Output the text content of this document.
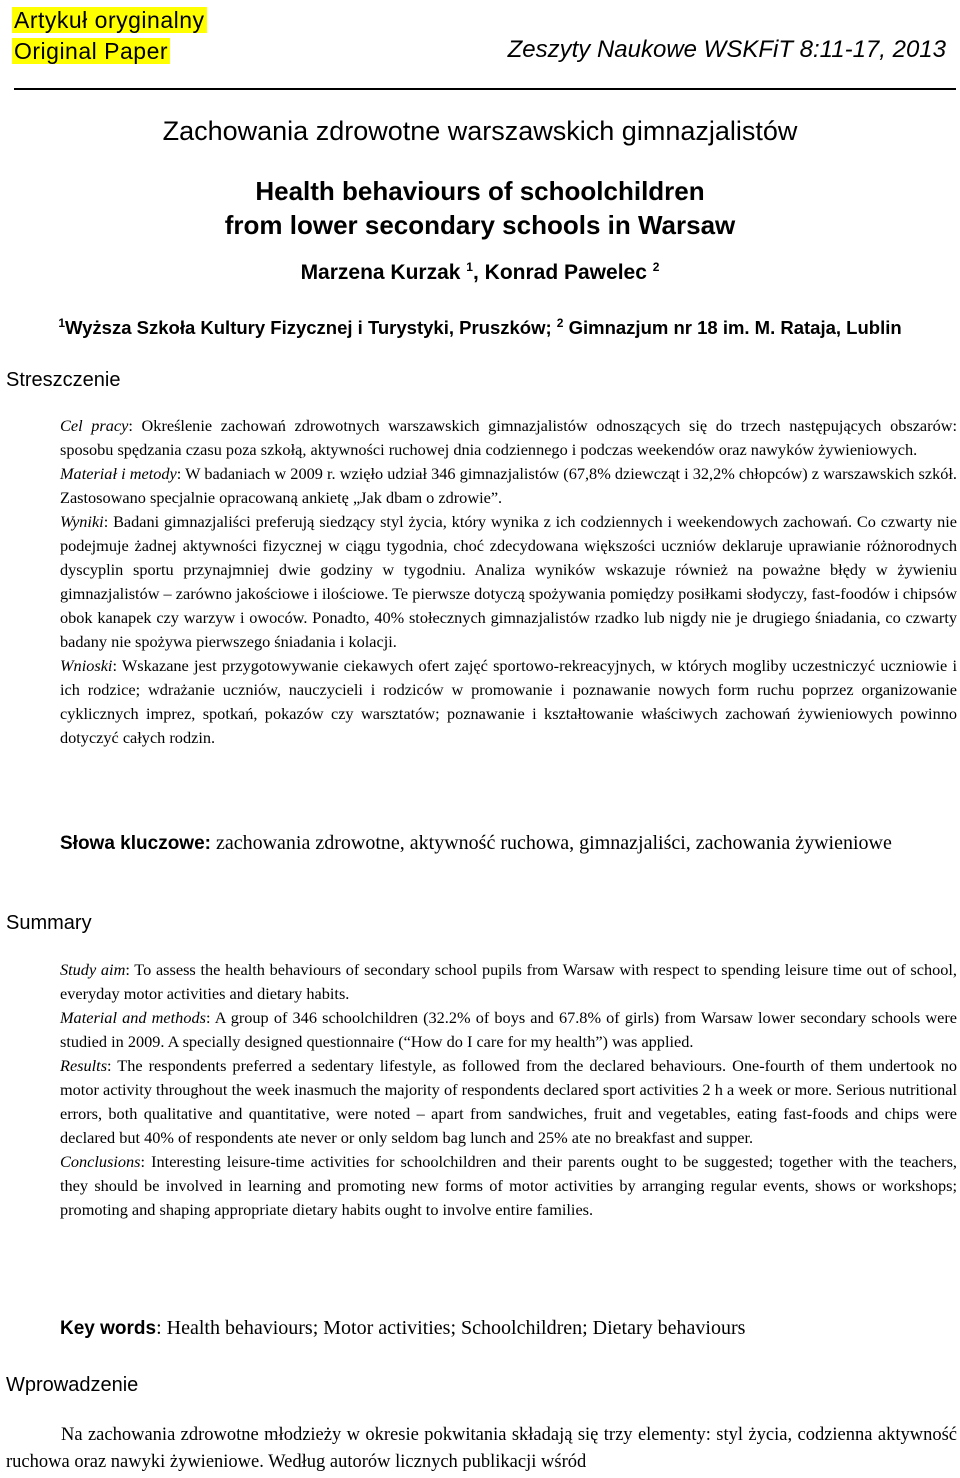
Artykuł oryginalny
Original Paper	Zeszyty Naukowe WSKFiT 8:11-17, 2013
Zachowania zdrowotne warszawskich gimnazjalistów
Health behaviours of schoolchildren
from lower secondary schools in Warsaw
Marzena Kurzak $^1$, Konrad Pawelec $^2$
$^1$Wyższa Szkoła Kultury Fizycznej i Turystyki, Pruszków; $^2$ Gimnazjum nr 18 im. M. Rataja, Lublin
Streszczenie

Cel pracy: Określenie zachowań zdrowotnych warszawskich gimnazjalistów odnoszących się do trzech następujących obszarów: sposobu spędzania czasu poza szkołą, aktywności ruchowej dnia codziennego i podczas weekendów oraz nawyków żywieniowych.

Materiał i metody: W badaniach w 2009 r. wzięło udział 346 gimnazjalistów (67,8% dziewcząt i 32,2% chłopców) z warszawskich szkół. Zastosowano specjalnie opracowaną ankietę „Jak dbam o zdrowie”.

Wyniki: Badani gimnazjaliści preferują siedzący styl życia, który wynika z ich codziennych i weekendowych zachowań. Co czwarty nie podejmuje żadnej aktywności fizycznej w ciągu tygodnia, choć zdecydowana większości uczniów deklaruje uprawianie różnorodnych dyscyplin sportu przynajmniej dwie godziny w tygodniu. Analiza wyników wskazuje również na poważne błędy w żywieniu gimnazjalistów – zarówno jakościowe i ilościowe. Te pierwsze dotyczą spożywania pomiędzy posiłkami słodyczy, fast-foodów i chipsów obok kanapek czy warzyw i owoców. Ponadto, 40% stołecznych gimnazjalistów rzadko lub nigdy nie je drugiego śniadania, co czwarty badany nie spożywa pierwszego śniadania i kolacji.

Wnioski: Wskazane jest przygotowywanie ciekawych ofert zajęć sportowo-rekreacyjnych, w których mogliby uczestniczyć uczniowie i ich rodzice; wdrażanie uczniów, nauczycieli i rodziców w promowanie i poznawanie nowych form ruchu poprzez organizowanie cyklicznych imprez, spotkań, pokazów czy warsztatów; poznawanie i kształtowanie właściwych zachowań żywieniowych powinno dotyczyć całych rodzin.

Słowa kluczowe: zachowania zdrowotne, aktywność ruchowa, gimnazjaliści, zachowania żywieniowe
Summary

Study aim: To assess the health behaviours of secondary school pupils from Warsaw with respect to spending leisure time out of school, everyday motor activities and dietary habits.

Material and methods: A group of 346 schoolchildren (32.2% of boys and 67.8% of girls) from Warsaw lower secondary schools were studied in 2009. A specially designed questionnaire (“How do I care for my health”) was applied.

Results: The respondents preferred a sedentary lifestyle, as followed from the declared behaviours. One-fourth of them undertook no motor activity throughout the week inasmuch the majority of respondents declared sport activities 2 h a week or more. Serious nutritional errors, both qualitative and quantitative, were noted – apart from sandwiches, fruit and vegetables, eating fast-foods and chips were declared but 40% of respondents ate never or only seldom bag lunch and 25% ate no breakfast and supper.

Conclusions: Interesting leisure-time activities for schoolchildren and their parents ought to be suggested; together with the teachers, they should be involved in learning and promoting new forms of motor activities by arranging regular events, shows or workshops; promoting and shaping appropriate dietary habits ought to involve entire families.

Key words: Health behaviours; Motor activities; Schoolchildren; Dietary behaviours
Wprowadzenie
Na zachowania zdrowotne młodzieży w okresie pokwitania składają się trzy elementy: styl życia, codzienna aktywność ruchowa oraz nawyki żywieniowe. Według autorów licznych publikacji wśród
